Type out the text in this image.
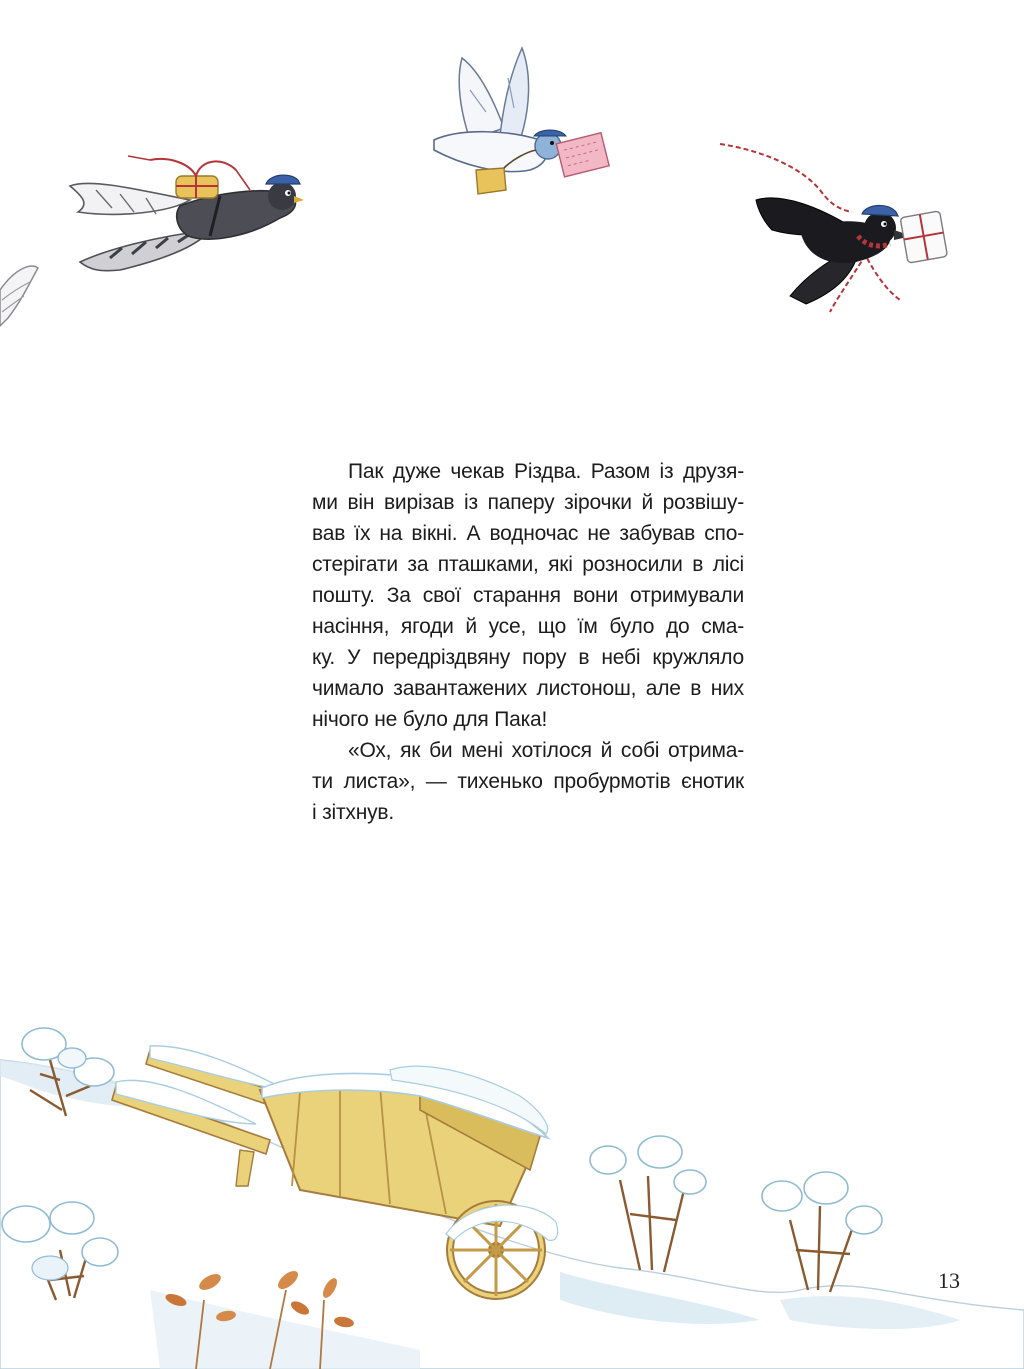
Пак дуже чекав Різдва. Разом із друзя-
ми він вирізав із паперу зірочки й розвішу-
вав їх на вікні. А водночас не забував спо-
стерігати за пташками, які розносили в лісі
пошту. За свої старання вони отримували
насіння, ягоди й усе, що їм було до сма-
ку. У передріздвяну пору в небі кружляло
чимало завантажених листонош, але в них
нічого не було для Пака!

«Ох, як би мені хотілося й собі отрима-
ти листа», — тихенько пробурмотів єнотик
і зітхнув.

13
